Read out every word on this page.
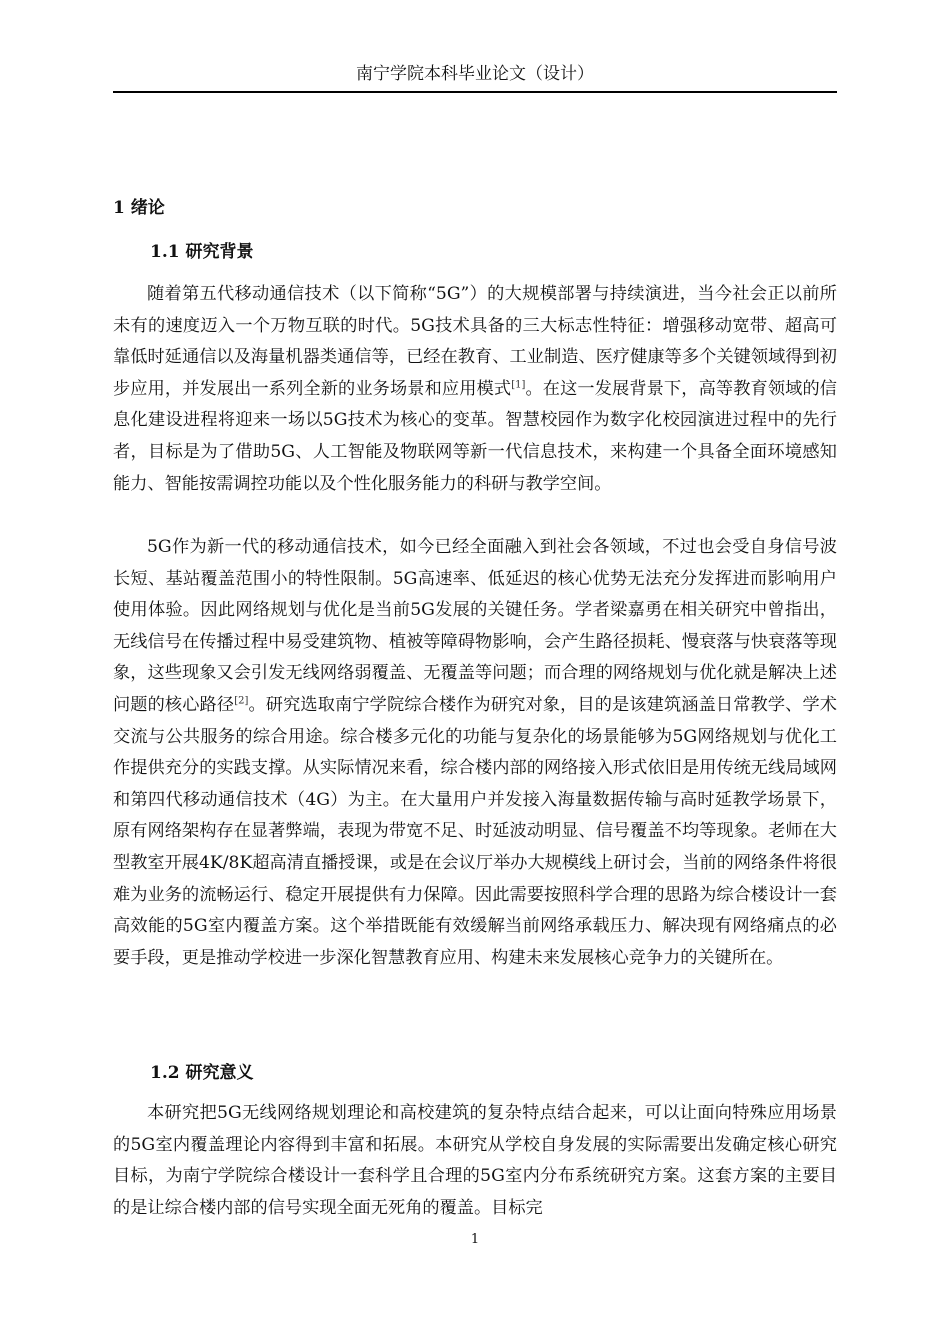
南宁学院本科毕业论文（设计）
1 绪论
1.1 研究背景

随着第五代移动通信技术（以下简称“5G”）的大规模部署与持续演进，当今社会正以前所未有的速度迈入一个万物互联的时代。5G技术具备的三大标志性特征：增强移动宽带、超高可靠低时延通信以及海量机器类通信等，已经在教育、工业制造、医疗健康等多个关键领域得到初步应用，并发展出一系列全新的业务场景和应用模式[1]。在这一发展背景下，高等教育领域的信息化建设进程将迎来一场以5G技术为核心的变革。智慧校园作为数字化校园演进过程中的先行者，目标是为了借助5G、人工智能及物联网等新一代信息技术，来构建一个具备全面环境感知能力、智能按需调控功能以及个性化服务能力的科研与教学空间。

5G作为新一代的移动通信技术，如今已经全面融入到社会各领域，不过也会受自身信号波长短、基站覆盖范围小的特性限制。5G高速率、低延迟的核心优势无法充分发挥进而影响用户使用体验。因此网络规划与优化是当前5G发展的关键任务。学者梁嘉勇在相关研究中曾指出，无线信号在传播过程中易受建筑物、植被等障碍物影响，会产生路径损耗、慢衰落与快衰落等现象，这些现象又会引发无线网络弱覆盖、无覆盖等问题；而合理的网络规划与优化就是解决上述问题的核心路径[2]。研究选取南宁学院综合楼作为研究对象，目的是该建筑涵盖日常教学、学术交流与公共服务的综合用途。综合楼多元化的功能与复杂化的场景能够为5G网络规划与优化工作提供充分的实践支撑。从实际情况来看，综合楼内部的网络接入形式依旧是用传统无线局域网和第四代移动通信技术（4G）为主。在大量用户并发接入海量数据传输与高时延教学场景下，原有网络架构存在显著弊端，表现为带宽不足、时延波动明显、信号覆盖不均等现象。老师在大型教室开展4K/8K超高清直播授课，或是在会议厅举办大规模线上研讨会，当前的网络条件将很难为业务的流畅运行、稳定开展提供有力保障。因此需要按照科学合理的思路为综合楼设计一套高效能的5G室内覆盖方案。这个举措既能有效缓解当前网络承载压力、解决现有网络痛点的必要手段，更是推动学校进一步深化智慧教育应用、构建未来发展核心竞争力的关键所在。

1.2 研究意义

本研究把5G无线网络规划理论和高校建筑的复杂特点结合起来，可以让面向特殊应用场景的5G室内覆盖理论内容得到丰富和拓展。本研究从学校自身发展的实际需要出发确定核心研究目标，为南宁学院综合楼设计一套科学且合理的5G室内分布系统研究方案。这套方案的主要目的是让综合楼内部的信号实现全面无死角的覆盖。目标完

1
